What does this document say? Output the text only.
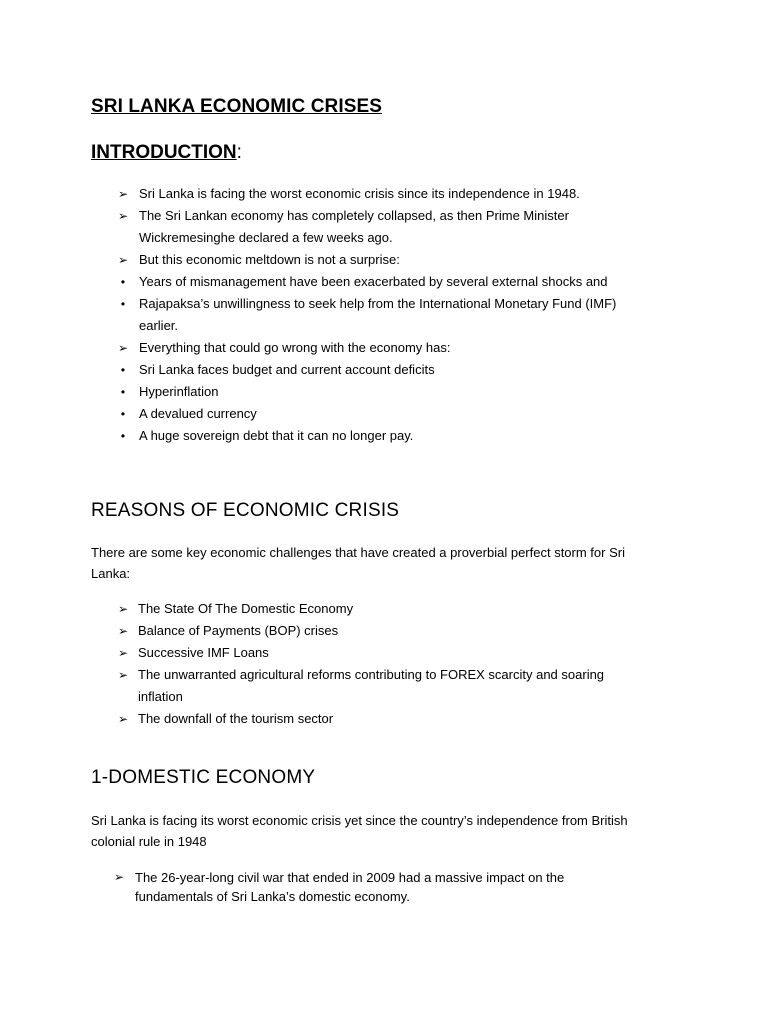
SRI LANKA ECONOMIC CRISES
INTRODUCTION:
➢ Sri Lanka is facing the worst economic crisis since its independence in 1948.
➢ The Sri Lankan economy has completely collapsed, as then Prime Minister
Wickremesinghe declared a few weeks ago.
➢ But this economic meltdown is not a surprise:
•	Years of mismanagement have been exacerbated by several external shocks and
•	Rajapaksa’s unwillingness to seek help from the International Monetary Fund (IMF)
earlier.
➢ Everything that could go wrong with the economy has:
•	Sri Lanka faces budget and current account deficits
•	Hyperinflation
•	A devalued currency
•	A huge sovereign debt that it can no longer pay.
REASONS OF ECONOMIC CRISIS
There are some key economic challenges that have created a proverbial perfect storm for Sri
Lanka:
➢ The State Of The Domestic Economy
➢ Balance of Payments (BOP) crises
➢ Successive IMF Loans
➢ The unwarranted agricultural reforms contributing to FOREX scarcity and soaring
inflation
➢ The downfall of the tourism sector
1-DOMESTIC ECONOMY
Sri Lanka is facing its worst economic crisis yet since the country’s independence from British
colonial rule in 1948
➢ The 26-year-long civil war that ended in 2009 had a massive impact on the
fundamentals of Sri Lanka’s domestic economy.
